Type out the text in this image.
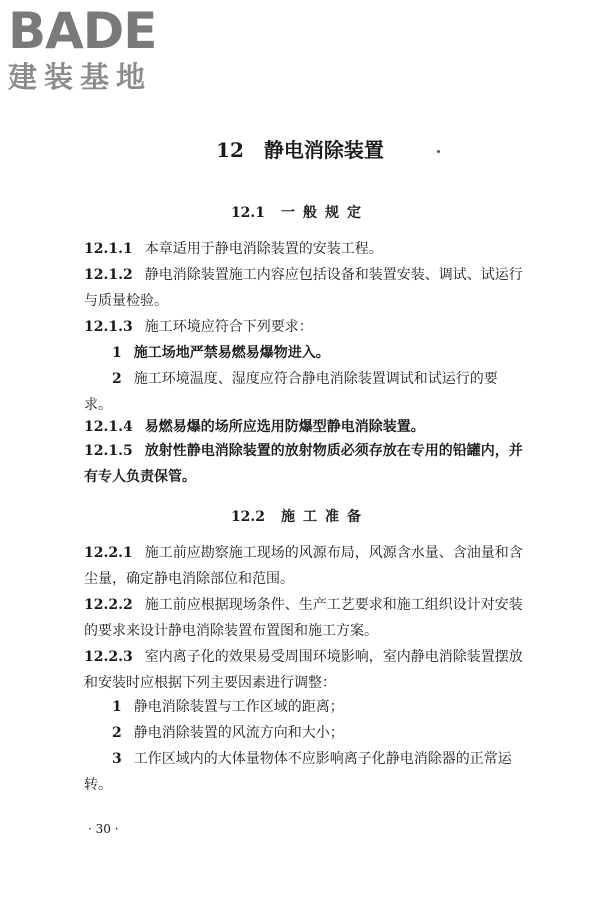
BADE
建装基地
12 静电消除装置
12.1 一般规定

12.1.1 本章适用于静电消除装置的安装工程。

12.1.2 静电消除装置施工内容应包括设备和装置安装、调试、试运行与质量检验。

12.1.3 施工环境应符合下列要求：

1 施工场地严禁易燃易爆物进入。

2 施工环境温度、湿度应符合静电消除装置调试和试运行的要求。

12.1.4 易燃易爆的场所应选用防爆型静电消除装置。

12.1.5 放射性静电消除装置的放射物质必须存放在专用的铅罐内，并有专人负责保管。

12.2 施工准备

12.2.1 施工前应勘察施工现场的风源布局，风源含水量、含油量和含尘量，确定静电消除部位和范围。

12.2.2 施工前应根据现场条件、生产工艺要求和施工组织设计对安装的要求来设计静电消除装置布置图和施工方案。

12.2.3 室内离子化的效果易受周围环境影响，室内静电消除装置摆放和安装时应根据下列主要因素进行调整：

1 静电消除装置与工作区域的距离；

2 静电消除装置的风流方向和大小；

3 工作区域内的大体量物体不应影响离子化静电消除器的正常运转。

· 30 ·
